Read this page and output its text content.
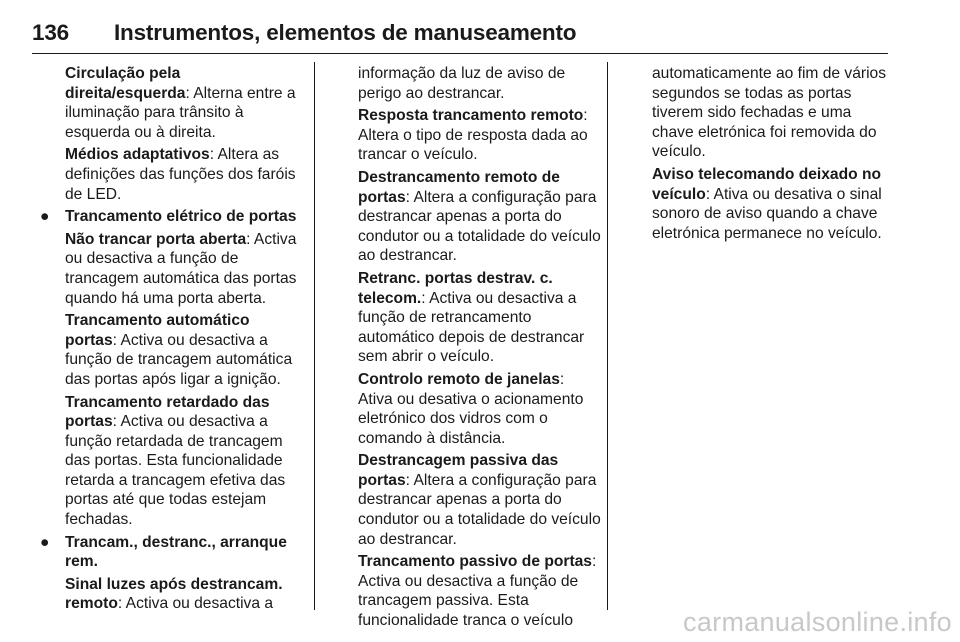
136	Instrumentos, elementos de manuseamento

Circulação pela direita/esquerda: Alterna entre a iluminação para trânsito à esquerda ou à direita.

Médios adaptativos: Altera as definições das funções dos faróis de LED.

● Trancamento elétrico de portas

Não trancar porta aberta: Activa ou desactiva a função de trancagem automática das portas quando há uma porta aberta.

Trancamento automático portas: Activa ou desactiva a função de trancagem automática das portas após ligar a ignição.

Trancamento retardado das portas: Activa ou desactiva a função retardada de trancagem das portas. Esta funcionalidade retarda a trancagem efetiva das portas até que todas estejam fechadas.

● Trancam., destranc., arranque rem.

Sinal luzes após destrancam. remoto: Activa ou desactiva a

informação da luz de aviso de perigo ao destrancar.

Resposta trancamento remoto: Altera o tipo de resposta dada ao trancar o veículo.

Destrancamento remoto de portas: Altera a configuração para destrancar apenas a porta do condutor ou a totalidade do veículo ao destrancar.

Retranc. portas destrav. c. telecom.: Activa ou desactiva a função de retrancamento automático depois de destrancar sem abrir o veículo.

Controlo remoto de janelas: Ativa ou desativa o acionamento eletrónico dos vidros com o comando à distância.

Destrancagem passiva das portas: Altera a configuração para destrancar apenas a porta do condutor ou a totalidade do veículo ao destrancar.

Trancamento passivo de portas: Activa ou desactiva a função de trancagem passiva. Esta funcionalidade tranca o veículo

automaticamente ao fim de vários segundos se todas as portas tiverem sido fechadas e uma chave eletrónica foi removida do veículo.

Aviso telecomando deixado no veículo: Ativa ou desativa o sinal sonoro de aviso quando a chave eletrónica permanece no veículo.

carmanualsonline.info
